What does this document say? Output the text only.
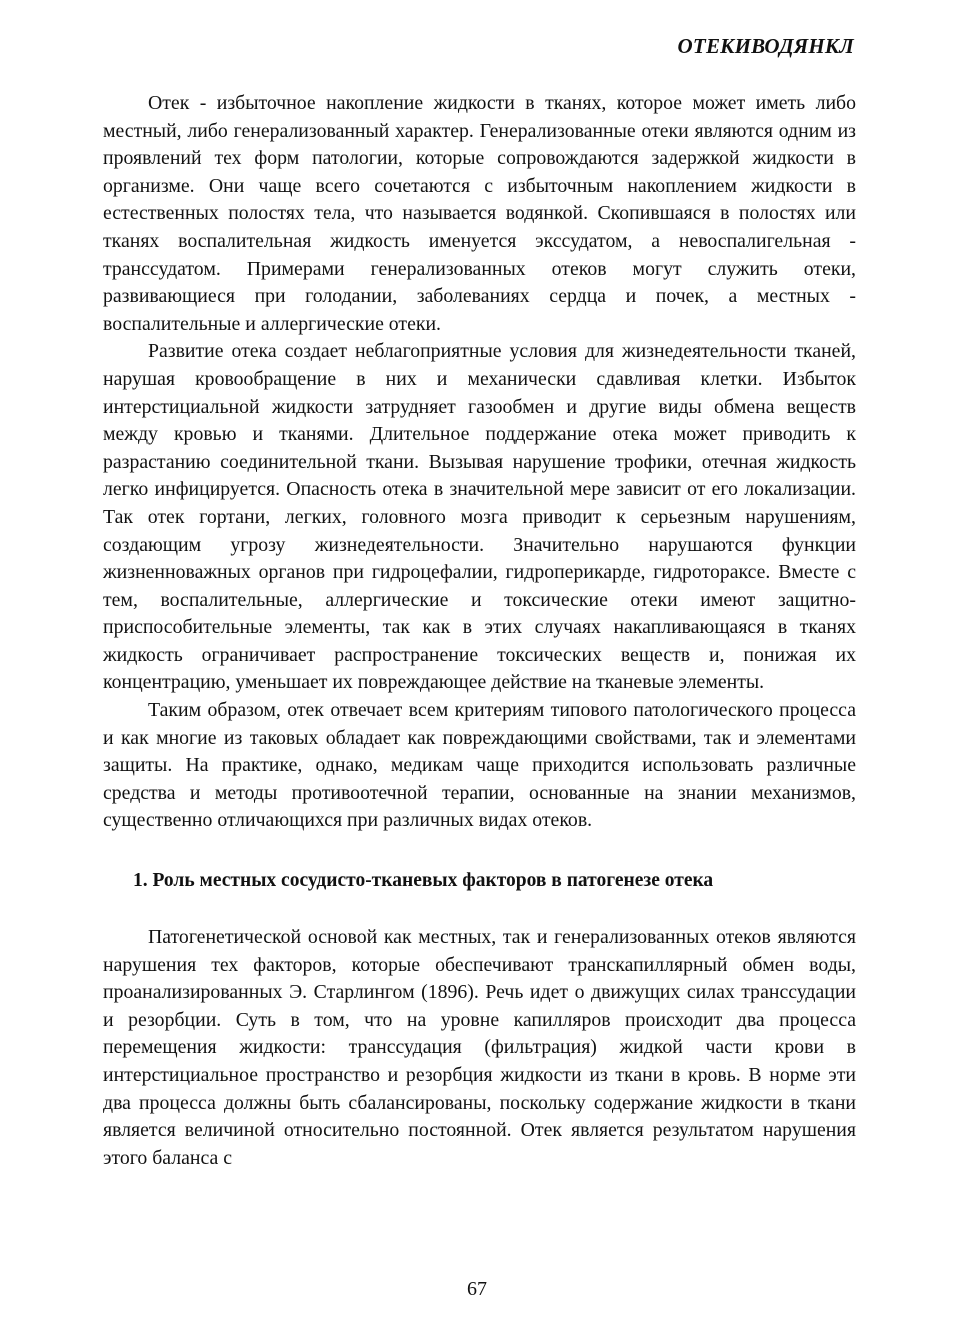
ОТЕКИВОДЯНКЛ

Отек - избыточное накопление жидкости в тканях, которое может иметь либо местный, либо генерализованный характер. Генерализованные отеки являются одним из проявлений тех форм патологии, которые сопровождаются задержкой жидкости в организме. Они чаще всего сочетаются с избыточным накоплением жидкости в естественных полостях тела, что называется водянкой. Скопившаяся в полостях или тканях воспалительная жидкость именуется экссудатом, а невоспалигельная - транссудатом. Примерами генерализованных отеков могут служить отеки, развивающиеся при голодании, заболеваниях сердца и почек, а местных - воспалительные и аллергические отеки.

Развитие отека создает неблагоприятные условия для жизнедеятельности тканей, нарушая кровообращение в них и механически сдавливая клетки. Избыток интерстициальной жидкости затрудняет газообмен и другие виды обмена веществ между кровью и тканями. Длительное поддержание отека может приводить к разрастанию соединительной ткани. Вызывая нарушение трофики, отечная жидкость легко инфицируется. Опасность отека в значительной мере зависит от его локализации. Так отек гортани, легких, головного мозга приводит к серьезным нарушениям, создающим угрозу жизнедеятельности. Значительно нарушаются функции жизненноважных органов при гидроцефалии, гидроперикарде, гидротораксе. Вместе с тем, воспалительные, аллергические и токсические отеки имеют защитно-приспособительные элементы, так как в этих случаях накапливающаяся в тканях жидкость ограничивает распространение токсических веществ и, понижая их концентрацию, уменьшает их повреждающее действие на тканевые элементы.

Таким образом, отек отвечает всем критериям типового патологического процесса и как многие из таковых обладает как повреждающими свойствами, так и элементами защиты. На практике, однако, медикам чаще приходится использовать различные средства и методы противоотечной терапии, основанные на знании механизмов, существенно отличающихся при различных видах отеков.

1. Роль местных сосудисто-тканевых факторов в патогенезе отека

Патогенетической основой как местных, так и генерализованных отеков являются нарушения тех факторов, которые обеспечивают транскапиллярный обмен воды, проанализированных Э. Старлингом (1896). Речь идет о движущих силах транссудации и резорбции. Суть в том, что на уровне капилляров происходит два процесса перемещения жидкости: транссудация (фильтрация) жидкой части крови в интерстициальное пространство и резорбция жидкости из ткани в кровь. В норме эти два процесса должны быть сбалансированы, поскольку содержание жидкости в ткани является величиной относительно постоянной. Отек является результатом нарушения этого баланса с

67
